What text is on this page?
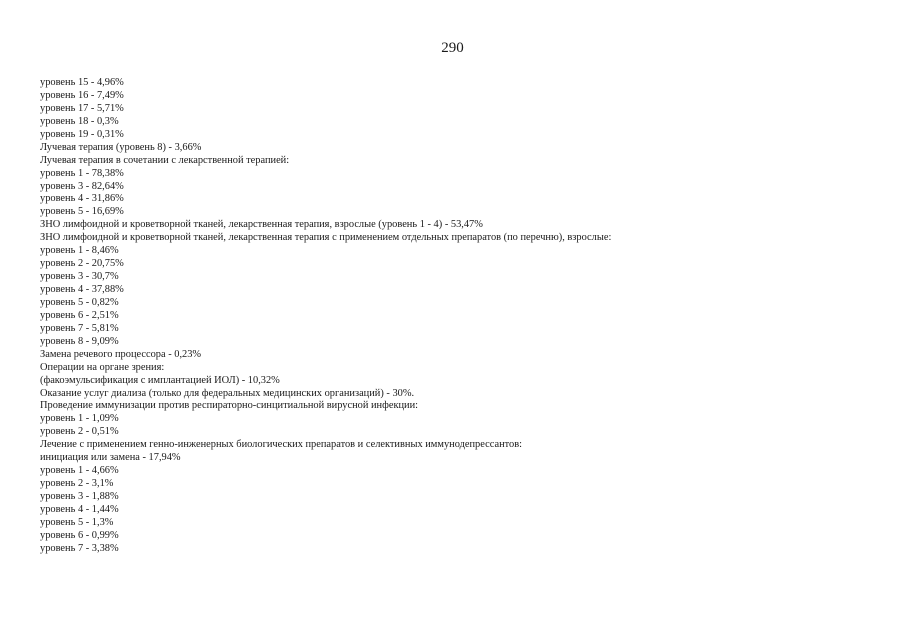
290
уровень 15 - 4,96%
уровень 16 - 7,49%
уровень 17 - 5,71%
уровень 18 - 0,3%
уровень 19 - 0,31%
Лучевая терапия (уровень 8) - 3,66%
Лучевая терапия в сочетании с лекарственной терапией:
уровень 1 - 78,38%
уровень 3 - 82,64%
уровень 4 - 31,86%
уровень 5 - 16,69%
ЗНО лимфоидной и кроветворной тканей, лекарственная терапия, взрослые (уровень 1 - 4) - 53,47%
ЗНО лимфоидной и кроветворной тканей, лекарственная терапия с применением отдельных препаратов (по перечню), взрослые:
уровень 1 - 8,46%
уровень 2 - 20,75%
уровень 3 - 30,7%
уровень 4 - 37,88%
уровень 5 - 0,82%
уровень 6 - 2,51%
уровень 7 - 5,81%
уровень 8 - 9,09%
Замена речевого процессора - 0,23%
Операции на органе зрения:
(факоэмульсификация с имплантацией ИОЛ) - 10,32%
Оказание услуг диализа (только для федеральных медицинских организаций) - 30%.
Проведение иммунизации против респираторно-синцитиальной вирусной инфекции:
уровень 1 - 1,09%
уровень 2 - 0,51%
Лечение с применением генно-инженерных биологических препаратов и селективных иммунодепрессантов:
инициация или замена - 17,94%
уровень 1 - 4,66%
уровень 2 - 3,1%
уровень 3 - 1,88%
уровень 4 - 1,44%
уровень 5 - 1,3%
уровень 6 - 0,99%
уровень 7 - 3,38%
